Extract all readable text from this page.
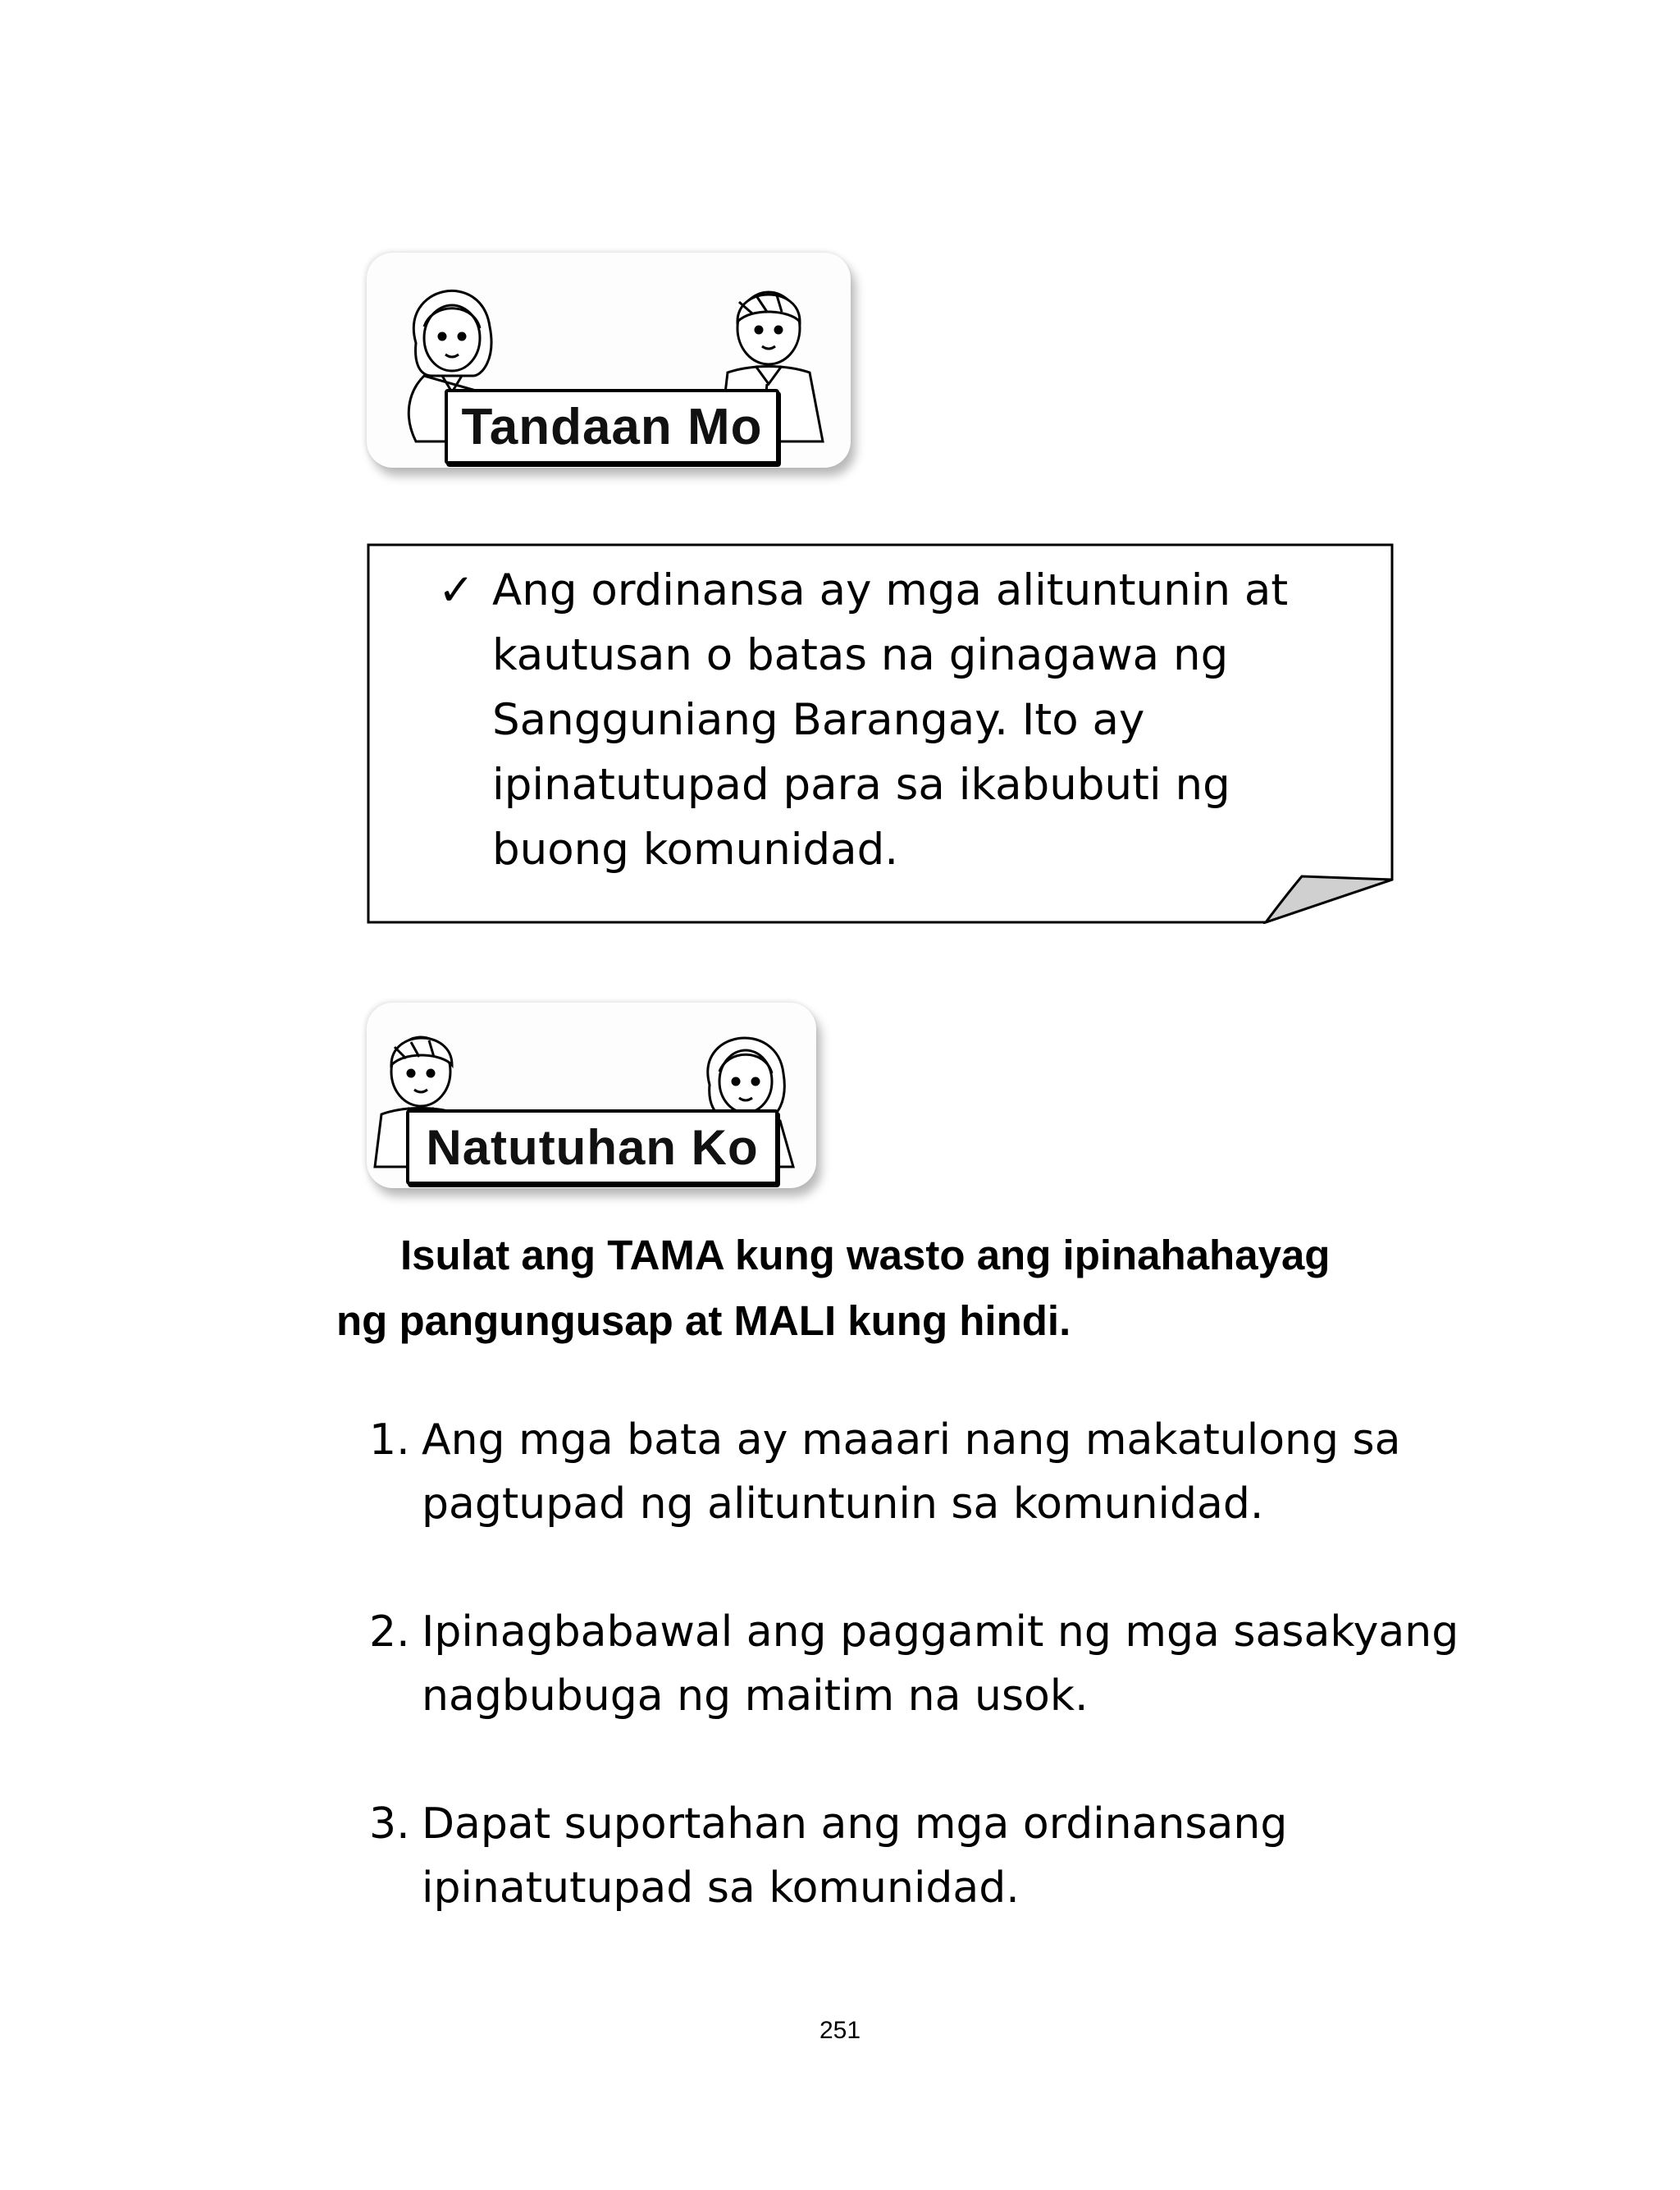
Tandaan Mo
✓ Ang ordinansa ay mga alituntunin at kautusan o batas na ginagawa ng Sangguniang Barangay. Ito ay ipinatutupad para sa ikabubuti ng buong komunidad.
Natutuhan Ko
Isulat ang TAMA kung wasto ang ipinahahayag
ng pangungusap at MALI kung hindi.
1. Ang mga bata ay maaari nang makatulong sa pagtupad ng alituntunin sa komunidad.
2. Ipinagbabawal ang paggamit ng mga sasakyang nagbubuga ng maitim na usok.
3. Dapat suportahan ang mga ordinansang ipinatutupad sa komunidad.
251
